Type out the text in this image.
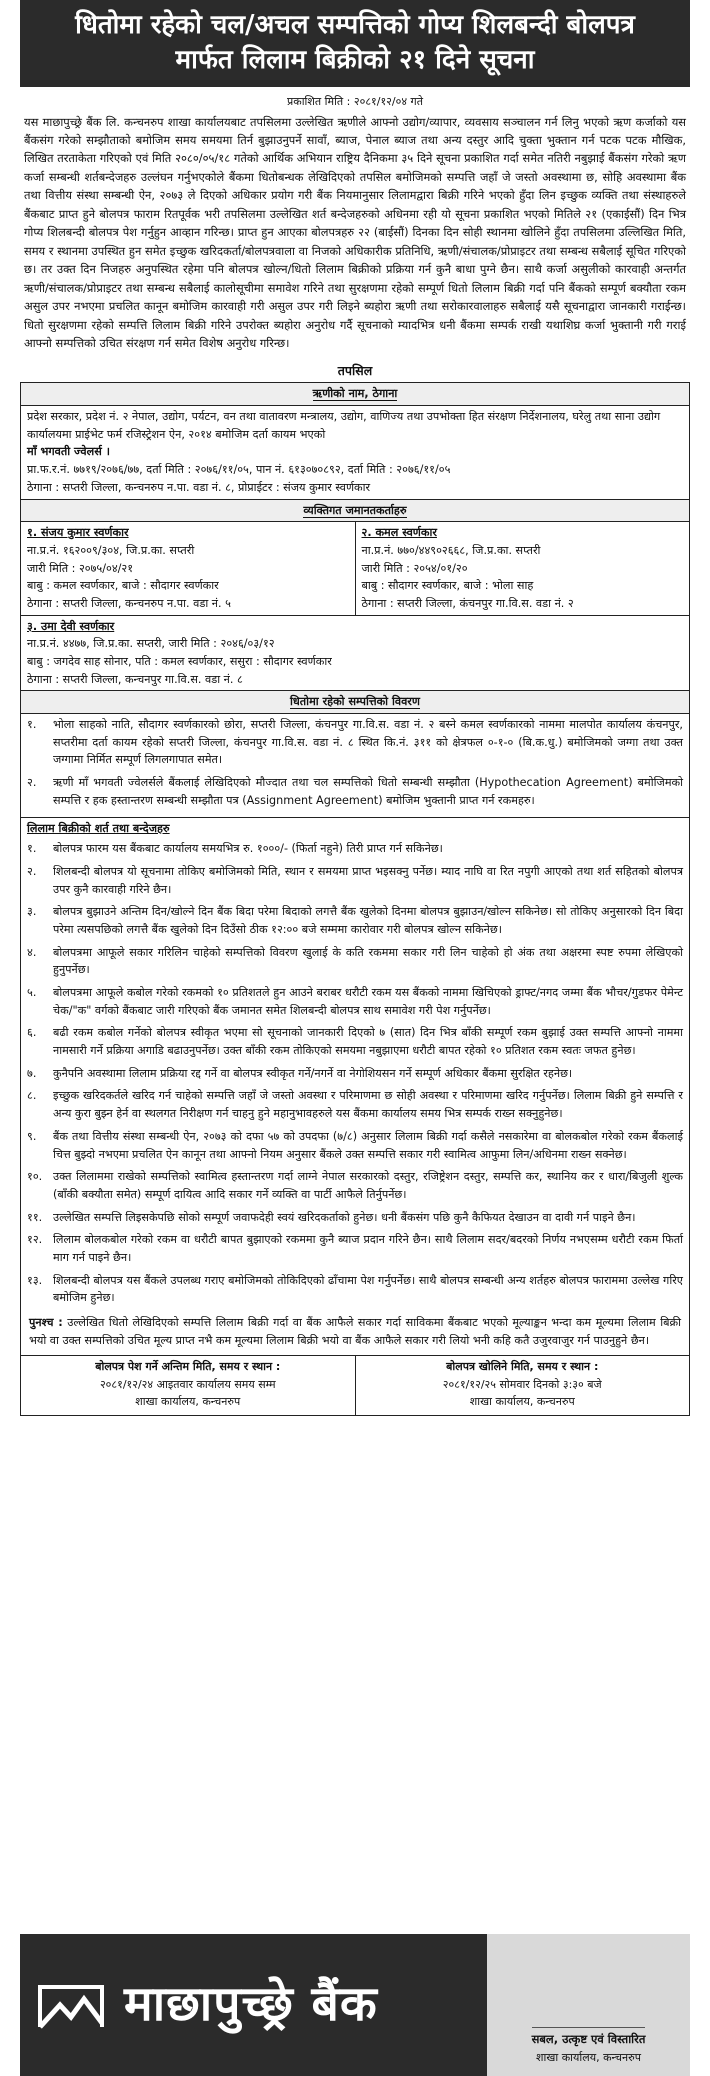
धितोमा रहेको चल/अचल सम्पत्तिको गोप्य शिलबन्दी बोलपत्र
मार्फत लिलाम बिक्रीको २१ दिने सूचना
प्रकाशित मिति : २०८१/१२/०४ गते

यस माछापुच्छ्रे बैंक लि. कन्चनरुप शाखा कार्यालयबाट तपसिलमा उल्लेखित ऋणीले आफ्नो उद्योग/व्यापार, व्यवसाय सञ्चालन गर्न लिनु भएको ऋण कर्जाको यस बैंकसंग गरेको सम्झौताको बमोजिम समय समयमा तिर्न बुझाउनुपर्ने सावाँ, ब्याज, पेनाल ब्याज तथा अन्य दस्तुर आदि चुक्ता भुक्तान गर्न पटक पटक मौखिक, लिखित तरताकेता गरिएको एवं मिति २०८०/०५/१८ गतेको आर्थिक अभियान राष्ट्रिय दैनिकमा ३५ दिने सूचना प्रकाशित गर्दा समेत नतिरी नबुझाई बैंकसंग गरेको ऋण कर्जा सम्बन्धी शर्तबन्देजहरु उल्लंघन गर्नुभएकोले बैंकमा धितोबन्धक लेखिदिएको तपसिल बमोजिमको सम्पत्ति जहाँ जे जस्तो अवस्थामा छ, सोहि अवस्थामा बैंक तथा वित्तीय संस्था सम्बन्धी ऐन, २०७३ ले दिएको अधिकार प्रयोग गरी बैंक नियमानुसार लिलामद्वारा बिक्री गरिने भएको हुँदा लिन इच्छुक व्यक्ति तथा संस्थाहरुले बैंकबाट प्राप्त हुने बोलपत्र फाराम रितपूर्वक भरी तपसिलमा उल्लेखित शर्त बन्देजहरुको अधिनमा रही यो सूचना प्रकाशित भएको मितिले २१ (एकाईसौं) दिन भित्र गोप्य शिलबन्दी बोलपत्र पेश गर्नुहुन आव्हान गरिन्छ। प्राप्त हुन आएका बोलपत्रहरु २२ (बाईसौं) दिनका दिन सोही स्थानमा खोलिने हुँदा तपसिलमा उल्लिखित मिति, समय र स्थानमा उपस्थित हुन समेत इच्छुक खरिदकर्ता/बोलपत्रवाला वा निजको अधिकारीक प्रतिनिधि, ऋणी/संचालक/प्रोप्राइटर तथा सम्बन्ध सबैलाई सूचित गरिएको छ। तर उक्त दिन निजहरु अनुपस्थित रहेमा पनि बोलपत्र खोल्न/धितो लिलाम बिक्रीको प्रक्रिया गर्न कुनै बाधा पुग्ने छैन। साथै कर्जा असुलीको कारवाही अन्तर्गत ऋणी/संचालक/प्रोप्राइटर तथा सम्बन्ध सबैलाई कालोसूचीमा समावेश गरिने तथा सुरक्षणमा रहेको सम्पूर्ण धितो लिलाम बिक्री गर्दा पनि बैंकको सम्पूर्ण बक्यौता रकम असुल उपर नभएमा प्रचलित कानून बमोजिम कारवाही गरी असुल उपर गरी लिइने ब्यहोरा ऋणी तथा सरोकारवालाहरु सबैलाई यसै सूचनाद्वारा जानकारी गराईन्छ। धितो सुरक्षणमा रहेको सम्पत्ति लिलाम बिक्री गरिने उपरोक्त ब्यहोरा अनुरोध गर्दै सूचनाको म्यादभित्र धनी बैंकमा सम्पर्क राखी यथाशिघ्र कर्जा भुक्तानी गरी गराई आफ्नो सम्पत्तिको उचित संरक्षण गर्न समेत विशेष अनुरोध गरिन्छ।

तपसिल
ऋणीको नाम, ठेगाना
प्रदेश सरकार, प्रदेश नं. २ नेपाल, उद्योग, पर्यटन, वन तथा वातावरण मन्त्रालय, उद्योग, वाणिज्य तथा उपभोक्ता हित संरक्षण निर्देशनालय, घरेलु तथा साना उद्योग कार्यालयमा प्राईभेट फर्म रजिस्ट्रेशन ऐन, २०१४ बमोजिम दर्ता कायम भएको
माँ भगवती ज्वेलर्स ।
प्रा.फ.र.नं. ७७१९/२०७६/७७, दर्ता मिति : २०७६/११/०५, पान नं. ६१३०७०८९२, दर्ता मिति : २०७६/११/०५
ठेगाना : सप्तरी जिल्ला, कन्चनरुप न.पा. वडा नं. ८, प्रोप्राईटर : संजय कुमार स्वर्णकार

व्यक्तिगत जमानतकर्ताहरु

१. संजय कुमार स्वर्णकार
ना.प्र.नं. १६२००९/३०४, जि.प्र.का. सप्तरी
जारी मिति : २०७५/०४/२१
बाबु : कमल स्वर्णकार, बाजे : सौदागर स्वर्णकार
ठेगाना : सप्तरी जिल्ला, कन्चनरुप न.पा. वडा नं. ५

२. कमल स्वर्णकार
ना.प्र.नं. ७७०/४४९०२६६८, जि.प्र.का. सप्तरी
जारी मिति : २०५४/०१/२०
बाबु : सौदागर स्वर्णकार, बाजे : भोला साह
ठेगाना : सप्तरी जिल्ला, कंचनपुर गा.वि.स. वडा नं. २

३. उमा देवी स्वर्णकार
ना.प्र.नं. ४४७७, जि.प्र.का. सप्तरी, जारी मिति : २०४६/०३/१२
बाबु : जगदेव साह सोनार, पति : कमल स्वर्णकार, ससुरा : सौदागर स्वर्णकार
ठेगाना : सप्तरी जिल्ला, कन्चनपुर गा.वि.स. वडा नं. ८

धितोमा रहेको सम्पत्तिको विवरण

१. भोला साहको नाति, सौदागर स्वर्णकारको छोरा, सप्तरी जिल्ला, कंचनपुर गा.वि.स. वडा नं. २ बस्ने कमल स्वर्णकारको नाममा मालपोत कार्यालय कंचनपुर, सप्तरीमा दर्ता कायम रहेको सप्तरी जिल्ला, कंचनपुर गा.वि.स. वडा नं. ८ स्थित कि.नं. ३११ को क्षेत्रफल ०-१-० (बि.क.धु.) बमोजिमको जग्गा तथा उक्त जग्गामा निर्मित सम्पूर्ण लिगलगापात समेत।
२. ऋणी माँ भगवती ज्वेलर्सले बैंकलाई लेखिदिएको मौज्दात तथा चल सम्पत्तिको धितो सम्बन्धी सम्झौता (Hypothecation Agreement) बमोजिमको सम्पत्ति र हक हस्तान्तरण सम्बन्धी सम्झौता पत्र (Assignment Agreement) बमोजिम भुक्तानी प्राप्त गर्न रकमहरु।

लिलाम बिक्रीको शर्त तथा बन्देजहरु
१. बोलपत्र फारम यस बैंकबाट कार्यालय समयभित्र रु. १०००/- (फिर्ता नहुने) तिरी प्राप्त गर्न सकिनेछ।
२. शिलबन्दी बोलपत्र यो सूचनामा तोकिए बमोजिमको मिति, स्थान र समयमा प्राप्त भइसक्नु पर्नेछ। म्याद नाघि वा रित नपुगी आएको तथा शर्त सहितको बोलपत्र उपर कुनै कारवाही गरिने छैन।
३. बोलपत्र बुझाउने अन्तिम दिन/खोल्ने दिन बैंक बिदा परेमा बिदाको लगत्तै बैंक खुलेको दिनमा बोलपत्र बुझाउन/खोल्न सकिनेछ। सो तोकिए अनुसारको दिन बिदा परेमा त्यसपछिको लगत्तै बैंक खुलेको दिन दिउँसो ठीक १२:०० बजे सम्ममा कारोवार गरी बोलपत्र खोल्न सकिनेछ।
४. बोलपत्रमा आफूले सकार गरिलिन चाहेको सम्पत्तिको विवरण खुलाई के कति रकममा सकार गरी लिन चाहेको हो अंक तथा अक्षरमा स्पष्ट रुपमा लेखिएको हुनुपर्नेछ।
५. बोलपत्रमा आफूले कबोल गरेको रकमको १० प्रतिशतले हुन आउने बराबर धरौटी रकम यस बैंकको नाममा खिचिएको ड्राफ्ट/नगद जम्मा बैंक भौचर/गुडफर पेमेन्ट चेक/"क" वर्गको बैंकबाट जारी गरिएको बैंक जमानत समेत शिलबन्दी बोलपत्र साथ समावेश गरी पेश गर्नुपर्नेछ।
६. बढी रकम कबोल गर्नेको बोलपत्र स्वीकृत भएमा सो सूचनाको जानकारी दिएको ७ (सात) दिन भित्र बाँकी सम्पूर्ण रकम बुझाई उक्त सम्पत्ति आफ्नो नाममा नामसारी गर्ने प्रक्रिया अगाडि बढाउनुपर्नेछ। उक्त बाँकी रकम तोकिएको समयमा नबुझाएमा धरौटी बापत रहेको १० प्रतिशत रकम स्वतः जफत हुनेछ।
७. कुनैपनि अवस्थामा लिलाम प्रक्रिया रद्द गर्ने वा बोलपत्र स्वीकृत गर्ने/नगर्ने वा नेगोशियसन गर्ने सम्पूर्ण अधिकार बैंकमा सुरक्षित रहनेछ।
८. इच्छुक खरिदकर्तले खरिद गर्न चाहेको सम्पत्ति जहाँ जे जस्तो अवस्था र परिमाणमा छ सोही अवस्था र परिमाणमा खरिद गर्नुपर्नेछ। लिलाम बिक्री हुने सम्पत्ति र अन्य कुरा बुझ्न हेर्न वा स्थलगत निरीक्षण गर्न चाहनु हुने महानुभावहरुले यस बैंकमा कार्यालय समय भित्र सम्पर्क राख्न सक्नुहुनेछ।
९. बैंक तथा वित्तीय संस्था सम्बन्धी ऐन, २०७३ को दफा ५७ को उपदफा (७/८) अनुसार लिलाम बिक्री गर्दा कसैले नसकारेमा वा बोलकबोल गरेको रकम बैंकलाई चित्त बुझ्दो नभएमा प्रचलित ऐन कानून तथा आफ्नो नियम अनुसार बैंकले उक्त सम्पत्ति सकार गरी स्वामित्व आफुमा लिन/अधिनमा राख्न सक्नेछ।
१०. उक्त लिलाममा राखेको सम्पत्तिको स्वामित्व हस्तान्तरण गर्दा लाग्ने नेपाल सरकारको दस्तुर, रजिष्ट्रेशन दस्तुर, सम्पत्ति कर, स्थानिय कर र धारा/बिजुली शुल्क (बाँकी बक्यौता समेत) सम्पूर्ण दायित्व आदि सकार गर्ने व्यक्ति वा पार्टी आफैले तिर्नुपर्नेछ।
११. उल्लेखित सम्पत्ति लिइसकेपछि सोको सम्पूर्ण जवाफदेही स्वयं खरिदकर्ताको हुनेछ। धनी बैंकसंग पछि कुनै कैफियत देखाउन वा दावी गर्न पाइने छैन।
१२. लिलाम बोलकबोल गरेको रकम वा धरौटी बापत बुझाएको रकममा कुनै ब्याज प्रदान गरिने छैन। साथै लिलाम सदर/बदरको निर्णय नभएसम्म धरौटी रकम फिर्ता माग गर्न पाइने छैन।
१३. शिलबन्दी बोलपत्र यस बैंकले उपलब्ध गराए बमोजिमको तोकिदिएको ढाँचामा पेश गर्नुपर्नेछ। साथै बोलपत्र सम्बन्धी अन्य शर्तहरु बोलपत्र फाराममा उल्लेख गरिए बमोजिम हुनेछ।

पुनश्च : उल्लेखित धितो लेखिदिएको सम्पत्ति लिलाम बिक्री गर्दा वा बैंक आफैले सकार गर्दा साविकमा बैंकबाट भएको मूल्याङ्कन भन्दा कम मूल्यमा लिलाम बिक्री भयो वा उक्त सम्पत्तिको उचित मूल्य प्राप्त नभै कम मूल्यमा लिलाम बिक्री भयो वा बैंक आफैले सकार गरी लियो भनी कहि कतै उजुरवाजुर गर्न पाउनुहुने छैन।

बोलपत्र पेश गर्ने अन्तिम मिति, समय र स्थान :
२०८१/१२/२४ आइतवार कार्यालय समय सम्म
शाखा कार्यालय, कन्चनरुप
बोलपत्र खोलिने मिति, समय र स्थान :
२०८१/१२/२५ सोमवार दिनको ३:३० बजे
शाखा कार्यालय, कन्चनरुप
माछापुच्छ्रे बैंक
सबल, उत्कृष्ट एवं विस्तारित
शाखा कार्यालय, कन्चनरुप
